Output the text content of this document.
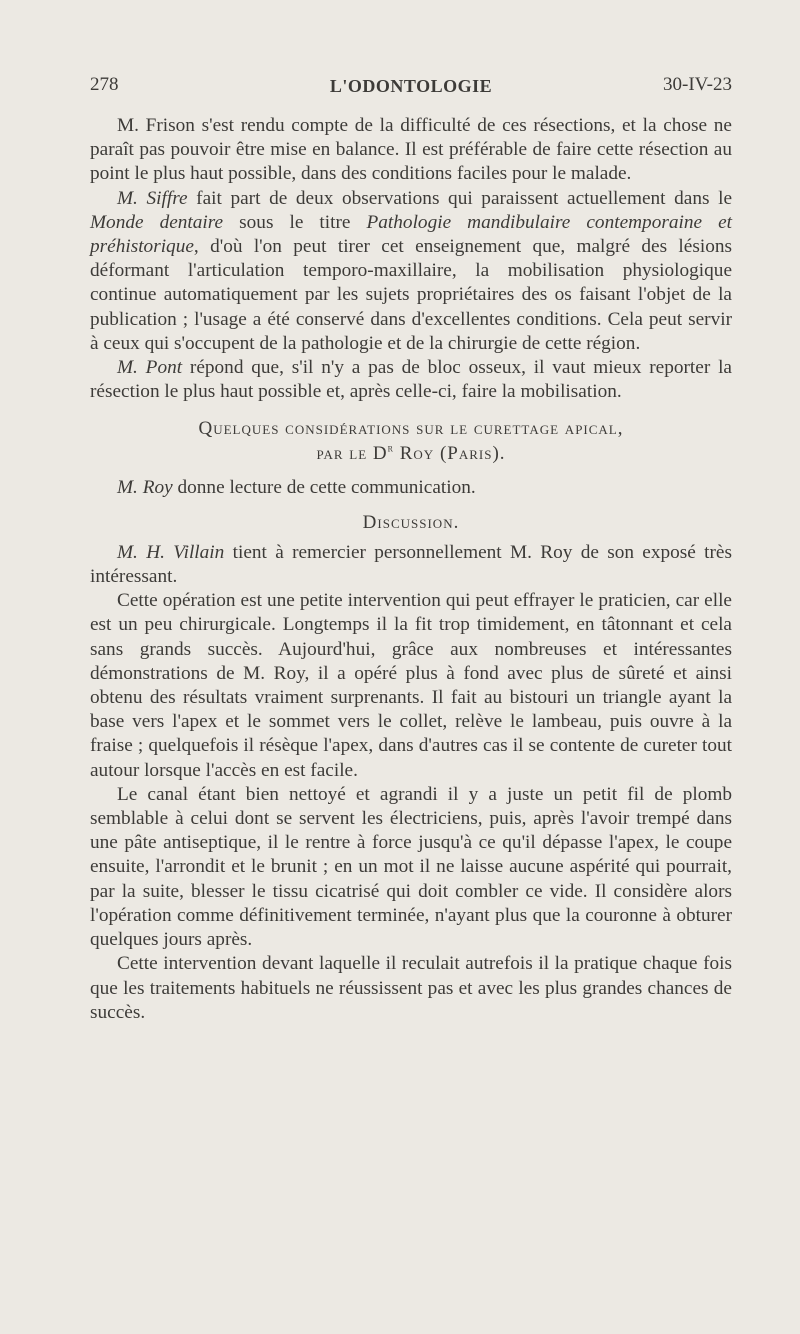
278	L'ODONTOLOGIE	30-IV-23

M. Frison s'est rendu compte de la difficulté de ces résections, et la chose ne paraît pas pouvoir être mise en balance. Il est préférable de faire cette résection au point le plus haut possible, dans des conditions faciles pour le malade.

M. Siffre fait part de deux observations qui paraissent actuellement dans le Monde dentaire sous le titre Pathologie mandibulaire contemporaine et préhistorique, d'où l'on peut tirer cet enseignement que, malgré des lésions déformant l'articulation temporo-maxillaire, la mobilisation physiologique continue automatiquement par les sujets propriétaires des os faisant l'objet de la publication ; l'usage a été conservé dans d'excellentes conditions. Cela peut servir à ceux qui s'occupent de la pathologie et de la chirurgie de cette région.

M. Pont répond que, s'il n'y a pas de bloc osseux, il vaut mieux reporter la résection le plus haut possible et, après celle-ci, faire la mobilisation.

Quelques considérations sur le curettage apical,
par le $D^r$ Roy (Paris).

M. Roy donne lecture de cette communication.

Discussion.

M. H. Villain tient à remercier personnellement M. Roy de son exposé très intéressant.

Cette opération est une petite intervention qui peut effrayer le praticien, car elle est un peu chirurgicale. Longtemps il la fit trop timidement, en tâtonnant et cela sans grands succès. Aujourd'hui, grâce aux nombreuses et intéressantes démonstrations de M. Roy, il a opéré plus à fond avec plus de sûreté et ainsi obtenu des résultats vraiment surprenants. Il fait au bistouri un triangle ayant la base vers l'apex et le sommet vers le collet, relève le lambeau, puis ouvre à la fraise ; quelquefois il résèque l'apex, dans d'autres cas il se contente de cureter tout autour lorsque l'accès en est facile.

Le canal étant bien nettoyé et agrandi il y a juste un petit fil de plomb semblable à celui dont se servent les électriciens, puis, après l'avoir trempé dans une pâte antiseptique, il le rentre à force jusqu'à ce qu'il dépasse l'apex, le coupe ensuite, l'arrondit et le brunit ; en un mot il ne laisse aucune aspérité qui pourrait, par la suite, blesser le tissu cicatrisé qui doit combler ce vide. Il considère alors l'opération comme définitivement terminée, n'ayant plus que la couronne à obturer quelques jours après.

Cette intervention devant laquelle il reculait autrefois il la pratique chaque fois que les traitements habituels ne réussissent pas et avec les plus grandes chances de succès.
